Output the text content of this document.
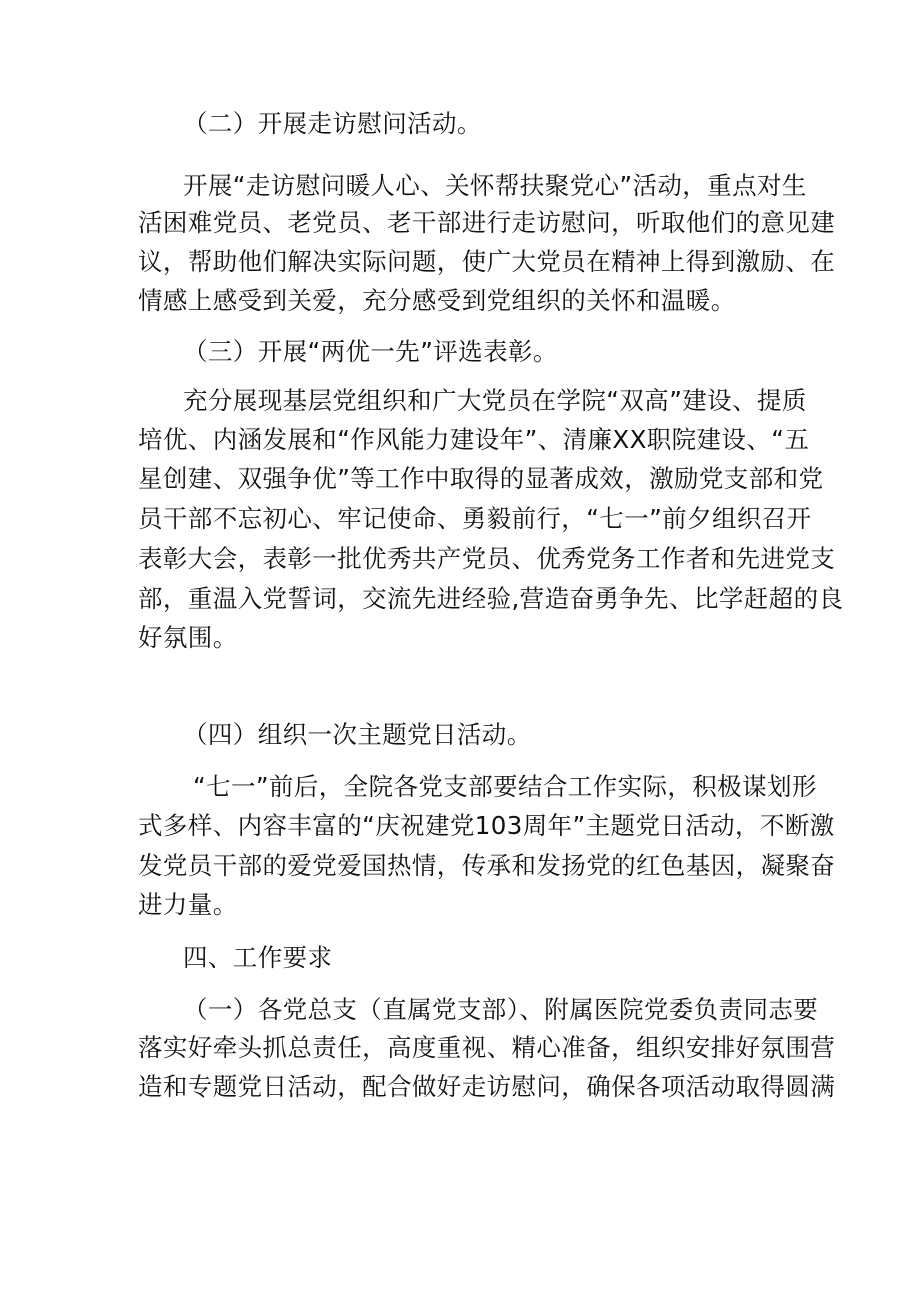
（二）开展走访慰问活动。

开展“走访慰问暖人心、关怀帮扶聚党心”活动，重点对生

活困难党员、老党员、老干部进行走访慰问，听取他们的意见建

议，帮助他们解决实际问题，使广大党员在精神上得到激励、在

情感上感受到关爱，充分感受到党组织的关怀和温暖。

（三）开展“两优一先”评选表彰。

充分展现基层党组织和广大党员在学院“双高”建设、提质

培优、内涵发展和“作风能力建设年”、清廉XX职院建设、“五

星创建、双强争优”等工作中取得的显著成效，激励党支部和党

员干部不忘初心、牢记使命、勇毅前行，“七一”前夕组织召开

表彰大会，表彰一批优秀共产党员、优秀党务工作者和先进党支

部，重温入党誓词，交流先进经验,营造奋勇争先、比学赶超的良

好氛围。

（四）组织一次主题党日活动。

“七一”前后，全院各党支部要结合工作实际，积极谋划形

式多样、内容丰富的“庆祝建党103周年”主题党日活动，不断激

发党员干部的爱党爱国热情，传承和发扬党的红色基因，凝聚奋

进力量。

四、工作要求

（一）各党总支（直属党支部）、附属医院党委负责同志要

落实好牵头抓总责任，高度重视、精心准备，组织安排好氛围营

造和专题党日活动，配合做好走访慰问，确保各项活动取得圆满
